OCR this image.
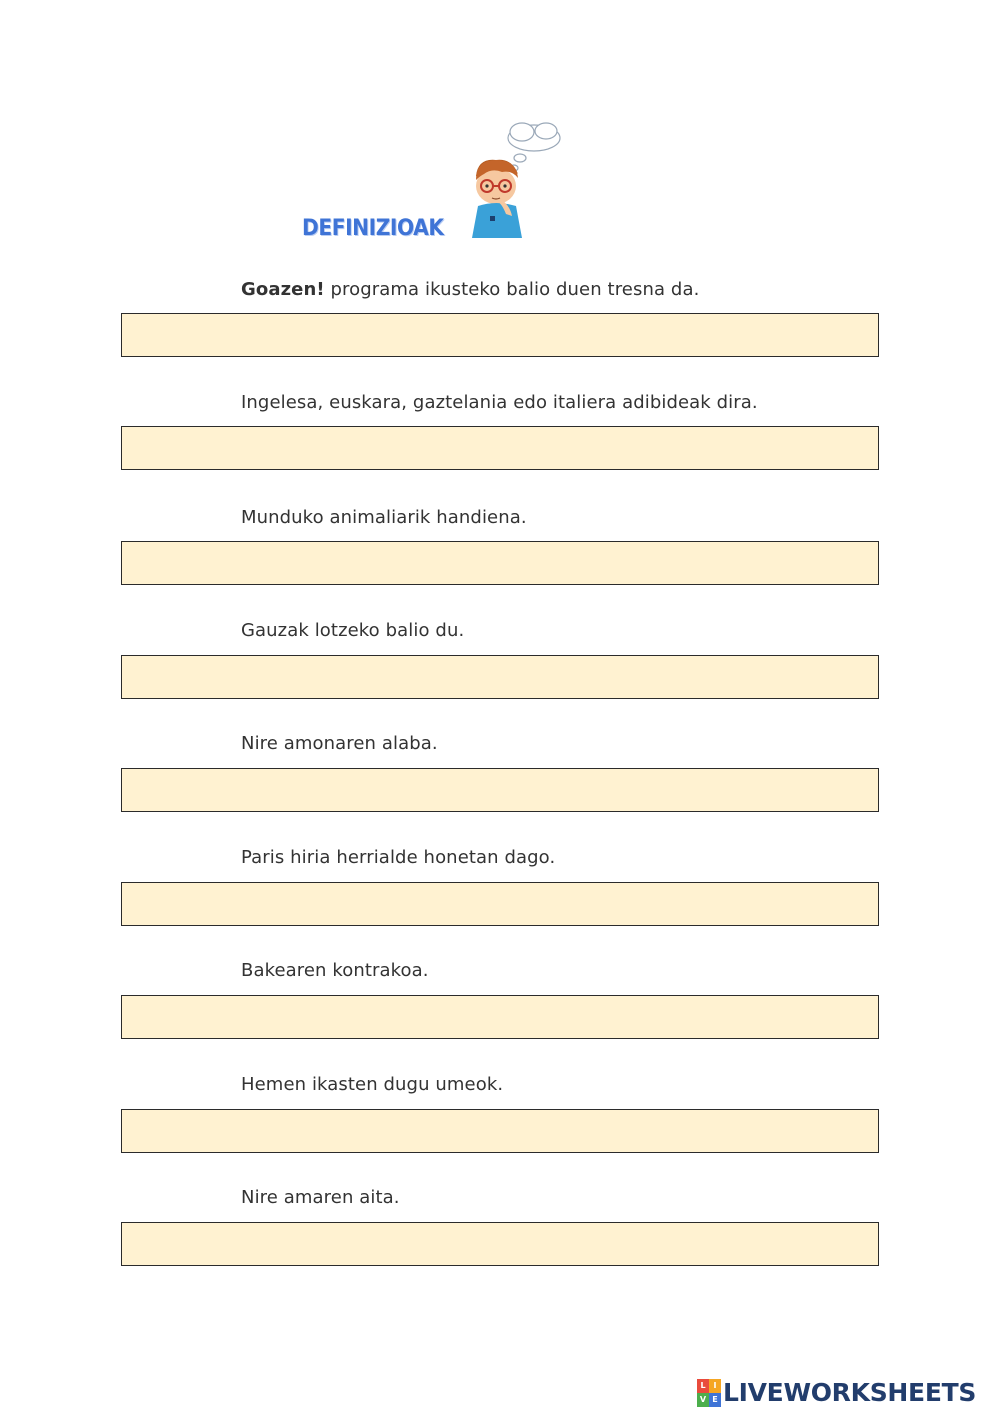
DEFINIZIOAK
Goazen! programa ikusteko balio duen tresna da.
Ingelesa, euskara, gaztelania edo italiera adibideak dira.
Munduko animaliarik handiena.
Gauzak lotzeko balio du.
Nire amonaren alaba.
Paris hiria herrialde honetan dago.
Bakearen kontrakoa.
Hemen ikasten dugu umeok.
Nire amaren aita.
L I
V E LIVEWORKSHEETS
